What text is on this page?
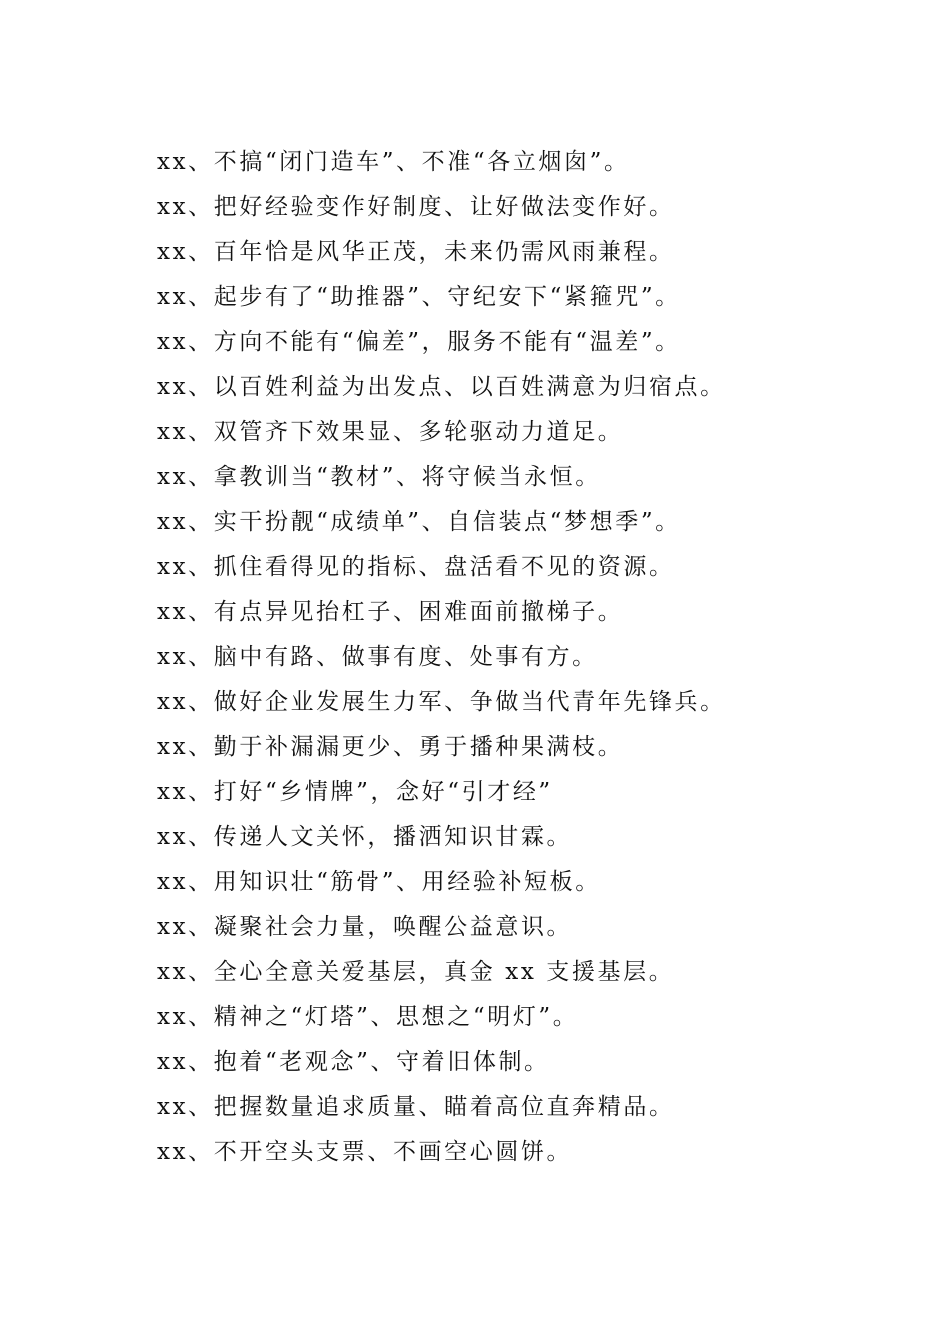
xx、不搞“闭门造车”、不准“各立烟囱”。
xx、把好经验变作好制度、让好做法变作好。
xx、百年恰是风华正茂，未来仍需风雨兼程。
xx、起步有了“助推器”、守纪安下“紧箍咒”。
xx、方向不能有“偏差”，服务不能有“温差”。
xx、以百姓利益为出发点、以百姓满意为归宿点。
xx、双管齐下效果显、多轮驱动力道足。
xx、拿教训当“教材”、将守候当永恒。
xx、实干扮靓“成绩单”、自信装点“梦想季”。
xx、抓住看得见的指标、盘活看不见的资源。
xx、有点异见抬杠子、困难面前撤梯子。
xx、脑中有路、做事有度、处事有方。
xx、做好企业发展生力军、争做当代青年先锋兵。
xx、勤于补漏漏更少、勇于播种果满枝。
xx、打好“乡情牌”，念好“引才经”
xx、传递人文关怀，播洒知识甘霖。
xx、用知识壮“筋骨”、用经验补短板。
xx、凝聚社会力量，唤醒公益意识。
xx、全心全意关爱基层，真金 xx 支援基层。
xx、精神之“灯塔”、思想之“明灯”。
xx、抱着“老观念”、守着旧体制。
xx、把握数量追求质量、瞄着高位直奔精品。
xx、不开空头支票、不画空心圆饼。
